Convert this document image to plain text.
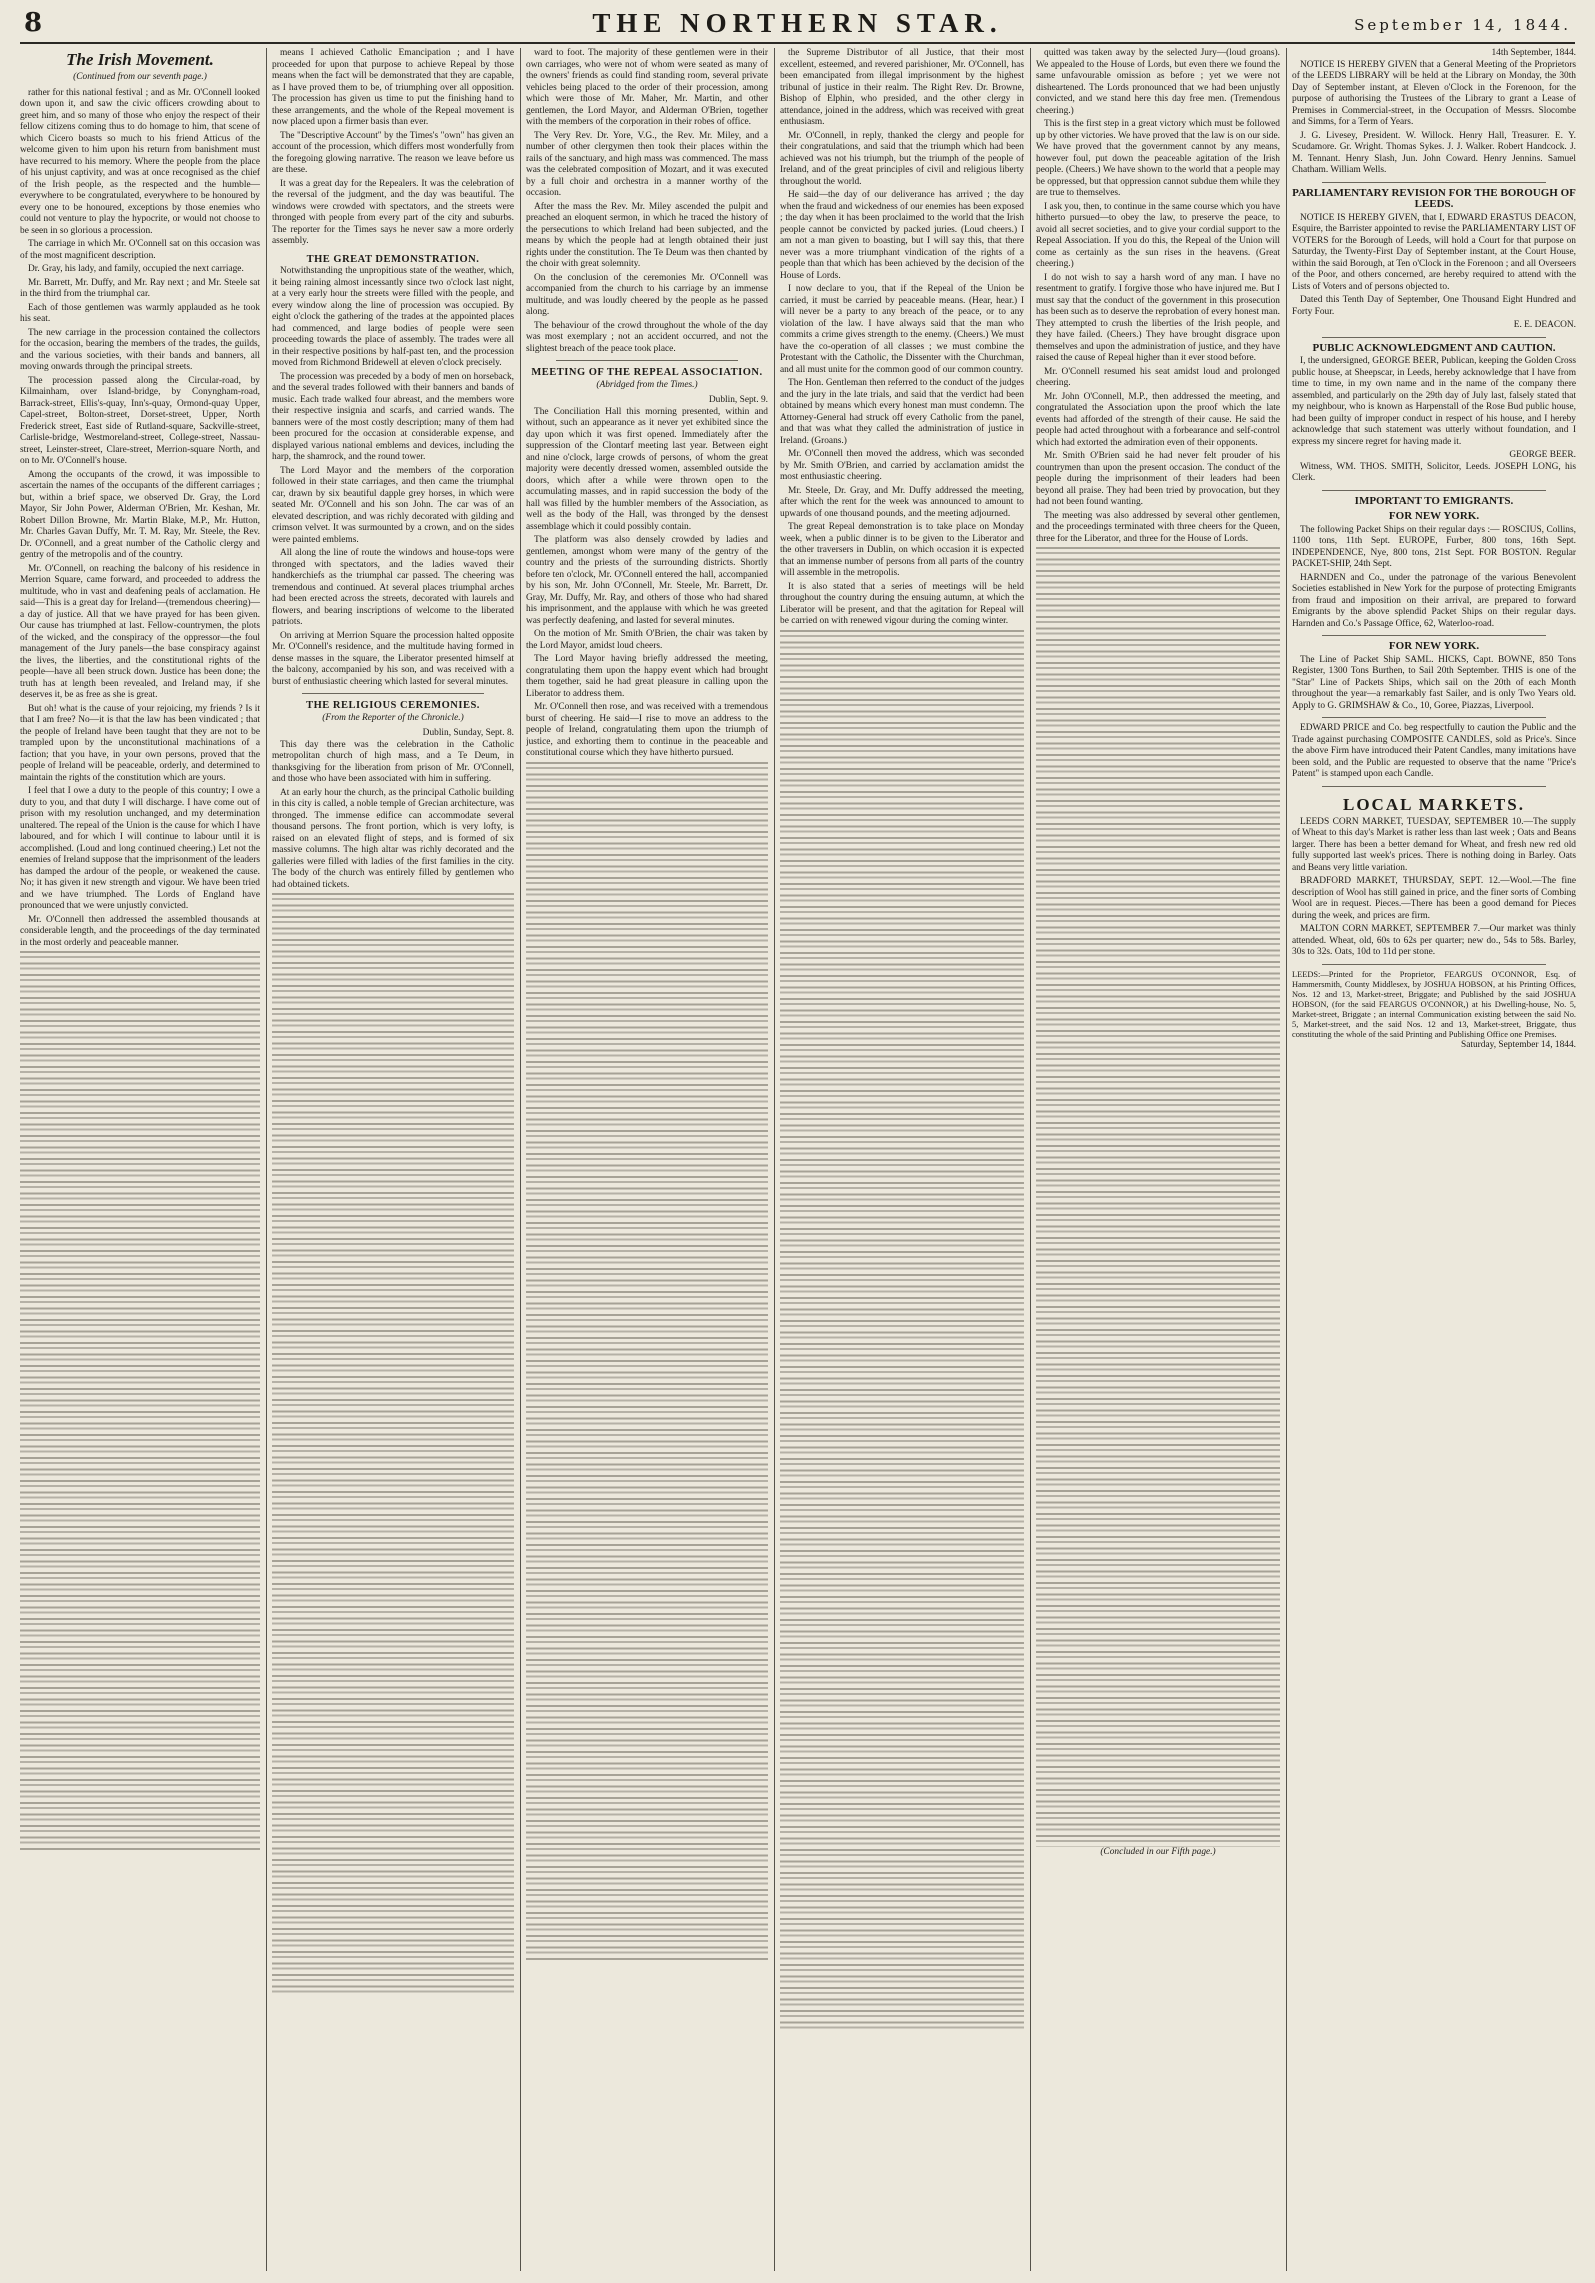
8	THE NORTHERN STAR.	September 14, 1844.
The Irish Movement.

(Continued from our seventh page.)

rather for this national festival ; and as Mr. O'Connell looked down upon it, and saw the civic officers crowding about to greet him, and so many of those who enjoy the respect of their fellow citizens coming thus to do homage to him, that scene of which Cicero boasts so much to his friend Atticus of the welcome given to him upon his return from banishment must have recurred to his memory. Where the people from the place of his unjust captivity, and was at once recognised as the chief of the Irish people, as the respected and the humble—everywhere to be congratulated, everywhere to be honoured by every one to be honoured, exceptions by those enemies who could not venture to play the hypocrite, or would not choose to be seen in so glorious a procession.

The carriage in which Mr. O'Connell sat on this occasion was of the most magnificent description.

Dr. Gray, his lady, and family, occupied the next carriage.

Mr. Barrett, Mr. Duffy, and Mr. Ray next ; and Mr. Steele sat in the third from the triumphal car.

Each of those gentlemen was warmly applauded as he took his seat.

The new carriage in the procession contained the collectors for the occasion, bearing the members of the trades, the guilds, and the various societies, with their bands and banners, all moving onwards through the principal streets.

The procession passed along the Circular-road, by Kilmainham, over Island-bridge, by Conyngham-road, Barrack-street, Ellis's-quay, Inn's-quay, Ormond-quay Upper, Capel-street, Bolton-street, Dorset-street, Upper, North Frederick street, East side of Rutland-square, Sackville-street, Carlisle-bridge, Westmoreland-street, College-street, Nassau-street, Leinster-street, Clare-street, Merrion-square North, and on to Mr. O'Connell's house.

Among the occupants of the crowd, it was impossible to ascertain the names of the occupants of the different carriages ; but, within a brief space, we observed Dr. Gray, the Lord Mayor, Sir John Power, Alderman O'Brien, Mr. Keshan, Mr. Robert Dillon Browne, Mr. Martin Blake, M.P., Mr. Hutton, Mr. Charles Gavan Duffy, Mr. T. M. Ray, Mr. Steele, the Rev. Dr. O'Connell, and a great number of the Catholic clergy and gentry of the metropolis and of the country.

Mr. O'Connell, on reaching the balcony of his residence in Merrion Square, came forward, and proceeded to address the multitude, who in vast and deafening peals of acclamation. He said—This is a great day for Ireland—(tremendous cheering)—a day of justice. All that we have prayed for has been given. Our cause has triumphed at last. Fellow-countrymen, the plots of the wicked, and the conspiracy of the oppressor—the foul management of the Jury panels—the base conspiracy against the lives, the liberties, and the constitutional rights of the people—have all been struck down. Justice has been done; the truth has at length been revealed, and Ireland may, if she deserves it, be as free as she is great.

But oh! what is the cause of your rejoicing, my friends ? Is it that I am free? No—it is that the law has been vindicated ; that the people of Ireland have been taught that they are not to be trampled upon by the unconstitutional machinations of a faction; that you have, in your own persons, proved that the people of Ireland will be peaceable, orderly, and determined to maintain the rights of the constitution which are yours.

I feel that I owe a duty to the people of this country; I owe a duty to you, and that duty I will discharge. I have come out of prison with my resolution unchanged, and my determination unaltered. The repeal of the Union is the cause for which I have laboured, and for which I will continue to labour until it is accomplished. (Loud and long continued cheering.) Let not the enemies of Ireland suppose that the imprisonment of the leaders has damped the ardour of the people, or weakened the cause. No; it has given it new strength and vigour. We have been tried and we have triumphed. The Lords of England have pronounced that we were unjustly convicted.

Mr. O'Connell then addressed the assembled thousands at considerable length, and the proceedings of the day terminated in the most orderly and peaceable manner.

means I achieved Catholic Emancipation ; and I have proceeded for upon that purpose to achieve Repeal by those means when the fact will be demonstrated that they are capable, as I have proved them to be, of triumphing over all opposition. The procession has given us time to put the finishing hand to these arrangements, and the whole of the Repeal movement is now placed upon a firmer basis than ever.

The "Descriptive Account" by the Times's "own" has given an account of the procession, which differs most wonderfully from the foregoing glowing narrative. The reason we leave before us are these.

It was a great day for the Repealers. It was the celebration of the reversal of the judgment, and the day was beautiful. The windows were crowded with spectators, and the streets were thronged with people from every part of the city and suburbs. The reporter for the Times says he never saw a more orderly assembly.

THE GREAT DEMONSTRATION.

Notwithstanding the unpropitious state of the weather, which, it being raining almost incessantly since two o'clock last night, at a very early hour the streets were filled with the people, and every window along the line of procession was occupied. By eight o'clock the gathering of the trades at the appointed places had commenced, and large bodies of people were seen proceeding towards the place of assembly. The trades were all in their respective positions by half-past ten, and the procession moved from Richmond Bridewell at eleven o'clock precisely.

The procession was preceded by a body of men on horseback, and the several trades followed with their banners and bands of music. Each trade walked four abreast, and the members wore their respective insignia and scarfs, and carried wands. The banners were of the most costly description; many of them had been procured for the occasion at considerable expense, and displayed various national emblems and devices, including the harp, the shamrock, and the round tower.

The Lord Mayor and the members of the corporation followed in their state carriages, and then came the triumphal car, drawn by six beautiful dapple grey horses, in which were seated Mr. O'Connell and his son John. The car was of an elevated description, and was richly decorated with gilding and crimson velvet. It was surmounted by a crown, and on the sides were painted emblems.

All along the line of route the windows and house-tops were thronged with spectators, and the ladies waved their handkerchiefs as the triumphal car passed. The cheering was tremendous and continued. At several places triumphal arches had been erected across the streets, decorated with laurels and flowers, and bearing inscriptions of welcome to the liberated patriots.

On arriving at Merrion Square the procession halted opposite Mr. O'Connell's residence, and the multitude having formed in dense masses in the square, the Liberator presented himself at the balcony, accompanied by his son, and was received with a burst of enthusiastic cheering which lasted for several minutes.

THE RELIGIOUS CEREMONIES.

(From the Reporter of the Chronicle.)

Dublin, Sunday, Sept. 8.

This day there was the celebration in the Catholic metropolitan church of high mass, and a Te Deum, in thanksgiving for the liberation from prison of Mr. O'Connell, and those who have been associated with him in suffering.

At an early hour the church, as the principal Catholic building in this city is called, a noble temple of Grecian architecture, was thronged. The immense edifice can accommodate several thousand persons. The front portion, which is very lofty, is raised on an elevated flight of steps, and is formed of six massive columns. The high altar was richly decorated and the galleries were filled with ladies of the first families in the city. The body of the church was entirely filled by gentlemen who had obtained tickets.

ward to foot. The majority of these gentlemen were in their own carriages, who were not of whom were seated as many of the owners' friends as could find standing room, several private vehicles being placed to the order of their procession, among which were those of Mr. Maher, Mr. Martin, and other gentlemen, the Lord Mayor, and Alderman O'Brien, together with the members of the corporation in their robes of office.

The Very Rev. Dr. Yore, V.G., the Rev. Mr. Miley, and a number of other clergymen then took their places within the rails of the sanctuary, and high mass was commenced. The mass was the celebrated composition of Mozart, and it was executed by a full choir and orchestra in a manner worthy of the occasion.

After the mass the Rev. Mr. Miley ascended the pulpit and preached an eloquent sermon, in which he traced the history of the persecutions to which Ireland had been subjected, and the means by which the people had at length obtained their just rights under the constitution. The Te Deum was then chanted by the choir with great solemnity.

On the conclusion of the ceremonies Mr. O'Connell was accompanied from the church to his carriage by an immense multitude, and was loudly cheered by the people as he passed along.

The behaviour of the crowd throughout the whole of the day was most exemplary ; not an accident occurred, and not the slightest breach of the peace took place.

MEETING OF THE REPEAL ASSOCIATION.

(Abridged from the Times.)

Dublin, Sept. 9.

The Conciliation Hall this morning presented, within and without, such an appearance as it never yet exhibited since the day upon which it was first opened. Immediately after the suppression of the Clontarf meeting last year. Between eight and nine o'clock, large crowds of persons, of whom the great majority were decently dressed women, assembled outside the doors, which after a while were thrown open to the accumulating masses, and in rapid succession the body of the hall was filled by the humbler members of the Association, as well as the body of the Hall, was thronged by the densest assemblage which it could possibly contain.

The platform was also densely crowded by ladies and gentlemen, amongst whom were many of the gentry of the country and the priests of the surrounding districts. Shortly before ten o'clock, Mr. O'Connell entered the hall, accompanied by his son, Mr. John O'Connell, Mr. Steele, Mr. Barrett, Dr. Gray, Mr. Duffy, Mr. Ray, and others of those who had shared his imprisonment, and the applause with which he was greeted was perfectly deafening, and lasted for several minutes.

On the motion of Mr. Smith O'Brien, the chair was taken by the Lord Mayor, amidst loud cheers.

The Lord Mayor having briefly addressed the meeting, congratulating them upon the happy event which had brought them together, said he had great pleasure in calling upon the Liberator to address them.

Mr. O'Connell then rose, and was received with a tremendous burst of cheering. He said—I rise to move an address to the people of Ireland, congratulating them upon the triumph of justice, and exhorting them to continue in the peaceable and constitutional course which they have hitherto pursued.

the Supreme Distributor of all Justice, that their most excellent, esteemed, and revered parishioner, Mr. O'Connell, has been emancipated from illegal imprisonment by the highest tribunal of justice in their realm. The Right Rev. Dr. Browne, Bishop of Elphin, who presided, and the other clergy in attendance, joined in the address, which was received with great enthusiasm.

Mr. O'Connell, in reply, thanked the clergy and people for their congratulations, and said that the triumph which had been achieved was not his triumph, but the triumph of the people of Ireland, and of the great principles of civil and religious liberty throughout the world.

He said—the day of our deliverance has arrived ; the day when the fraud and wickedness of our enemies has been exposed ; the day when it has been proclaimed to the world that the Irish people cannot be convicted by packed juries. (Loud cheers.) I am not a man given to boasting, but I will say this, that there never was a more triumphant vindication of the rights of a people than that which has been achieved by the decision of the House of Lords.

I now declare to you, that if the Repeal of the Union be carried, it must be carried by peaceable means. (Hear, hear.) I will never be a party to any breach of the peace, or to any violation of the law. I have always said that the man who commits a crime gives strength to the enemy. (Cheers.) We must have the co-operation of all classes ; we must combine the Protestant with the Catholic, the Dissenter with the Churchman, and all must unite for the common good of our common country.

The Hon. Gentleman then referred to the conduct of the judges and the jury in the late trials, and said that the verdict had been obtained by means which every honest man must condemn. The Attorney-General had struck off every Catholic from the panel, and that was what they called the administration of justice in Ireland. (Groans.)

Mr. O'Connell then moved the address, which was seconded by Mr. Smith O'Brien, and carried by acclamation amidst the most enthusiastic cheering.

Mr. Steele, Dr. Gray, and Mr. Duffy addressed the meeting, after which the rent for the week was announced to amount to upwards of one thousand pounds, and the meeting adjourned.

The great Repeal demonstration is to take place on Monday week, when a public dinner is to be given to the Liberator and the other traversers in Dublin, on which occasion it is expected that an immense number of persons from all parts of the country will assemble in the metropolis.

It is also stated that a series of meetings will be held throughout the country during the ensuing autumn, at which the Liberator will be present, and that the agitation for Repeal will be carried on with renewed vigour during the coming winter.

quitted was taken away by the selected Jury—(loud groans). We appealed to the House of Lords, but even there we found the same unfavourable omission as before ; yet we were not disheartened. The Lords pronounced that we had been unjustly convicted, and we stand here this day free men. (Tremendous cheering.)

This is the first step in a great victory which must be followed up by other victories. We have proved that the law is on our side. We have proved that the government cannot by any means, however foul, put down the peaceable agitation of the Irish people. (Cheers.) We have shown to the world that a people may be oppressed, but that oppression cannot subdue them while they are true to themselves.

I ask you, then, to continue in the same course which you have hitherto pursued—to obey the law, to preserve the peace, to avoid all secret societies, and to give your cordial support to the Repeal Association. If you do this, the Repeal of the Union will come as certainly as the sun rises in the heavens. (Great cheering.)

I do not wish to say a harsh word of any man. I have no resentment to gratify. I forgive those who have injured me. But I must say that the conduct of the government in this prosecution has been such as to deserve the reprobation of every honest man. They attempted to crush the liberties of the Irish people, and they have failed. (Cheers.) They have brought disgrace upon themselves and upon the administration of justice, and they have raised the cause of Repeal higher than it ever stood before.

Mr. O'Connell resumed his seat amidst loud and prolonged cheering.

Mr. John O'Connell, M.P., then addressed the meeting, and congratulated the Association upon the proof which the late events had afforded of the strength of their cause. He said the people had acted throughout with a forbearance and self-control which had extorted the admiration even of their opponents.

Mr. Smith O'Brien said he had never felt prouder of his countrymen than upon the present occasion. The conduct of the people during the imprisonment of their leaders had been beyond all praise. They had been tried by provocation, but they had not been found wanting.

The meeting was also addressed by several other gentlemen, and the proceedings terminated with three cheers for the Queen, three for the Liberator, and three for the House of Lords.

(Concluded in our Fifth page.)

14th September, 1844.

NOTICE IS HEREBY GIVEN that a General Meeting of the Proprietors of the LEEDS LIBRARY will be held at the Library on Monday, the 30th Day of September instant, at Eleven o'Clock in the Forenoon, for the purpose of authorising the Trustees of the Library to grant a Lease of Premises in Commercial-street, in the Occupation of Messrs. Slocombe and Simms, for a Term of Years.

J. G. Livesey, President. W. Willock. Henry Hall, Treasurer. E. Y. Scudamore. Gr. Wright. Thomas Sykes. J. J. Walker. Robert Handcock. J. M. Tennant. Henry Slash, Jun. John Coward. Henry Jennins. Samuel Chatham. William Wells.

PARLIAMENTARY REVISION FOR THE BOROUGH OF LEEDS.

NOTICE IS HEREBY GIVEN, that I, EDWARD ERASTUS DEACON, Esquire, the Barrister appointed to revise the PARLIAMENTARY LIST OF VOTERS for the Borough of Leeds, will hold a Court for that purpose on Saturday, the Twenty-First Day of September instant, at the Court House, within the said Borough, at Ten o'Clock in the Forenoon ; and all Overseers of the Poor, and others concerned, are hereby required to attend with the Lists of Voters and of persons objected to.

Dated this Tenth Day of September, One Thousand Eight Hundred and Forty Four.

E. E. DEACON.

PUBLIC ACKNOWLEDGMENT AND CAUTION.

I, the undersigned, GEORGE BEER, Publican, keeping the Golden Cross public house, at Sheepscar, in Leeds, hereby acknowledge that I have from time to time, in my own name and in the name of the company there assembled, and particularly on the 29th day of July last, falsely stated that my neighbour, who is known as Harpenstall of the Rose Bud public house, had been guilty of improper conduct in respect of his house, and I hereby acknowledge that such statement was utterly without foundation, and I express my sincere regret for having made it.

GEORGE BEER.

Witness, WM. THOS. SMITH, Solicitor, Leeds. JOSEPH LONG, his Clerk.

IMPORTANT TO EMIGRANTS.
FOR NEW YORK.

The following Packet Ships on their regular days :— ROSCIUS, Collins, 1100 tons, 11th Sept. EUROPE, Furber, 800 tons, 16th Sept. INDEPENDENCE, Nye, 800 tons, 21st Sept. FOR BOSTON. Regular PACKET-SHIP, 24th Sept.

HARNDEN and Co., under the patronage of the various Benevolent Societies established in New York for the purpose of protecting Emigrants from fraud and imposition on their arrival, are prepared to forward Emigrants by the above splendid Packet Ships on their regular days. Harnden and Co.'s Passage Office, 62, Waterloo-road.

FOR NEW YORK.

The Line of Packet Ship SAML. HICKS, Capt. BOWNE, 850 Tons Register, 1300 Tons Burthen, to Sail 20th September. THIS is one of the "Star" Line of Packets Ships, which sail on the 20th of each Month throughout the year—a remarkably fast Sailer, and is only Two Years old. Apply to G. GRIMSHAW & Co., 10, Goree, Piazzas, Liverpool.

EDWARD PRICE and Co. beg respectfully to caution the Public and the Trade against purchasing COMPOSITE CANDLES, sold as Price's. Since the above Firm have introduced their Patent Candles, many imitations have been sold, and the Public are requested to observe that the name "Price's Patent" is stamped upon each Candle.

LOCAL MARKETS.

LEEDS CORN MARKET, TUESDAY, SEPTEMBER 10.—The supply of Wheat to this day's Market is rather less than last week ; Oats and Beans larger. There has been a better demand for Wheat, and fresh new red old fully supported last week's prices. There is nothing doing in Barley. Oats and Beans very little variation.

BRADFORD MARKET, THURSDAY, SEPT. 12.—Wool.—The fine description of Wool has still gained in price, and the finer sorts of Combing Wool are in request. Pieces.—There has been a good demand for Pieces during the week, and prices are firm.

MALTON CORN MARKET, SEPTEMBER 7.—Our market was thinly attended. Wheat, old, 60s to 62s per quarter; new do., 54s to 58s. Barley, 30s to 32s. Oats, 10d to 11d per stone.

LEEDS:—Printed for the Proprietor, FEARGUS O'CONNOR, Esq. of Hammersmith, County Middlesex, by JOSHUA HOBSON, at his Printing Offices, Nos. 12 and 13, Market-street, Briggate; and Published by the said JOSHUA HOBSON, (for the said FEARGUS O'CONNOR,) at his Dwelling-house, No. 5, Market-street, Briggate ; an internal Communication existing between the said No. 5, Market-street, and the said Nos. 12 and 13, Market-street, Briggate, thus constituting the whole of the said Printing and Publishing Office one Premises.

Saturday, September 14, 1844.
